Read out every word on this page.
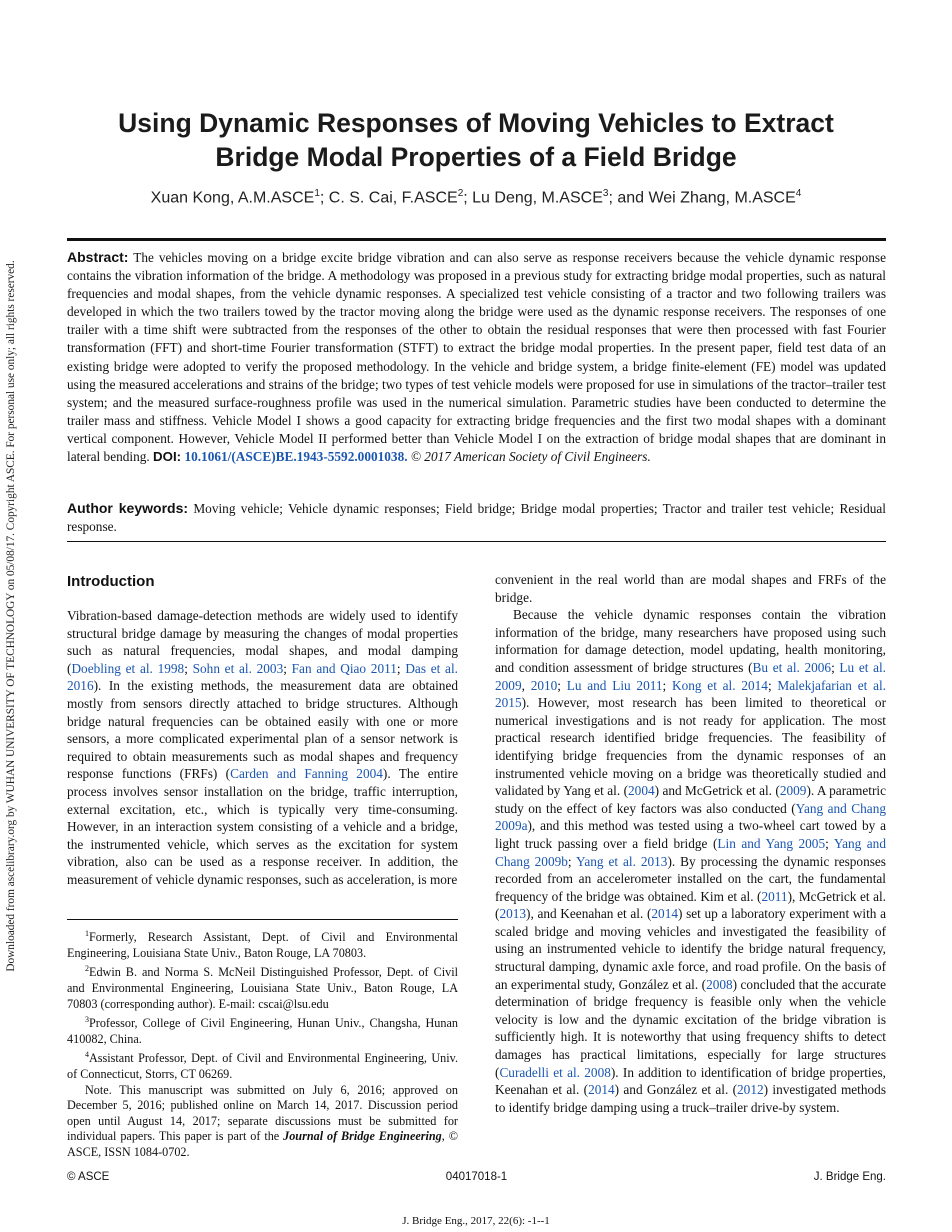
Downloaded from ascelibrary.org by WUHAN UNIVERSITY OF TECHNOLOGY on 05/08/17. Copyright ASCE. For personal use only; all rights reserved.
Using Dynamic Responses of Moving Vehicles to Extract
Bridge Modal Properties of a Field Bridge
Xuan Kong, A.M.ASCE$^1$; C. S. Cai, F.ASCE$^2$; Lu Deng, M.ASCE$^3$; and Wei Zhang, M.ASCE$^4$
Abstract: The vehicles moving on a bridge excite bridge vibration and can also serve as response receivers because the vehicle dynamic response contains the vibration information of the bridge. A methodology was proposed in a previous study for extracting bridge modal properties, such as natural frequencies and modal shapes, from the vehicle dynamic responses. A specialized test vehicle consisting of a tractor and two following trailers was developed in which the two trailers towed by the tractor moving along the bridge were used as the dynamic response receivers. The responses of one trailer with a time shift were subtracted from the responses of the other to obtain the residual responses that were then processed with fast Fourier transformation (FFT) and short-time Fourier transformation (STFT) to extract the bridge modal properties. In the present paper, field test data of an existing bridge were adopted to verify the proposed methodology. In the vehicle and bridge system, a bridge finite-element (FE) model was updated using the measured accelerations and strains of the bridge; two types of test vehicle models were proposed for use in simulations of the tractor–trailer test system; and the measured surface-roughness profile was used in the numerical simulation. Parametric studies have been conducted to determine the trailer mass and stiffness. Vehicle Model I shows a good capacity for extracting bridge frequencies and the first two modal shapes with a dominant vertical component. However, Vehicle Model II performed better than Vehicle Model I on the extraction of bridge modal shapes that are dominant in lateral bending. DOI: 10.1061/(ASCE)BE.1943-5592.0001038. © 2017 American Society of Civil Engineers.
Author keywords: Moving vehicle; Vehicle dynamic responses; Field bridge; Bridge modal properties; Tractor and trailer test vehicle; Residual response.
Introduction

Vibration-based damage-detection methods are widely used to identify structural bridge damage by measuring the changes of modal properties such as natural frequencies, modal shapes, and modal damping (Doebling et al. 1998; Sohn et al. 2003; Fan and Qiao 2011; Das et al. 2016). In the existing methods, the measurement data are obtained mostly from sensors directly attached to bridge structures. Although bridge natural frequencies can be obtained easily with one or more sensors, a more complicated experimental plan of a sensor network is required to obtain measurements such as modal shapes and frequency response functions (FRFs) (Carden and Fanning 2004). The entire process involves sensor installation on the bridge, traffic interruption, external excitation, etc., which is typically very time-consuming. However, in an interaction system consisting of a vehicle and a bridge, the instrumented vehicle, which serves as the excitation for system vibration, also can be used as a response receiver. In addition, the measurement of vehicle dynamic responses, such as acceleration, is more

$^1$Formerly, Research Assistant, Dept. of Civil and Environmental Engineering, Louisiana State Univ., Baton Rouge, LA 70803.

$^2$Edwin B. and Norma S. McNeil Distinguished Professor, Dept. of Civil and Environmental Engineering, Louisiana State Univ., Baton Rouge, LA 70803 (corresponding author). E-mail: cscai@lsu.edu

$^3$Professor, College of Civil Engineering, Hunan Univ., Changsha, Hunan 410082, China.

$^4$Assistant Professor, Dept. of Civil and Environmental Engineering, Univ. of Connecticut, Storrs, CT 06269.

Note. This manuscript was submitted on July 6, 2016; approved on December 5, 2016; published online on March 14, 2017. Discussion period open until August 14, 2017; separate discussions must be submitted for individual papers. This paper is part of the Journal of Bridge Engineering, © ASCE, ISSN 1084-0702.

convenient in the real world than are modal shapes and FRFs of the bridge.

Because the vehicle dynamic responses contain the vibration information of the bridge, many researchers have proposed using such information for damage detection, model updating, health monitoring, and condition assessment of bridge structures (Bu et al. 2006; Lu et al. 2009, 2010; Lu and Liu 2011; Kong et al. 2014; Malekjafarian et al. 2015). However, most research has been limited to theoretical or numerical investigations and is not ready for application. The most practical research identified bridge frequencies. The feasibility of identifying bridge frequencies from the dynamic responses of an instrumented vehicle moving on a bridge was theoretically studied and validated by Yang et al. (2004) and McGetrick et al. (2009). A parametric study on the effect of key factors was also conducted (Yang and Chang 2009a), and this method was tested using a two-wheel cart towed by a light truck passing over a field bridge (Lin and Yang 2005; Yang and Chang 2009b; Yang et al. 2013). By processing the dynamic responses recorded from an accelerometer installed on the cart, the fundamental frequency of the bridge was obtained. Kim et al. (2011), McGetrick et al. (2013), and Keenahan et al. (2014) set up a laboratory experiment with a scaled bridge and moving vehicles and investigated the feasibility of using an instrumented vehicle to identify the bridge natural frequency, structural damping, dynamic axle force, and road profile. On the basis of an experimental study, González et al. (2008) concluded that the accurate determination of bridge frequency is feasible only when the vehicle velocity is low and the dynamic excitation of the bridge vibration is sufficiently high. It is noteworthy that using frequency shifts to detect damages has practical limitations, especially for large structures (Curadelli et al. 2008). In addition to identification of bridge properties, Keenahan et al. (2014) and González et al. (2012) investigated methods to identify bridge damping using a truck–trailer drive-by system.

© ASCE	04017018-1	J. Bridge Eng.
J. Bridge Eng., 2017, 22(6): -1--1
